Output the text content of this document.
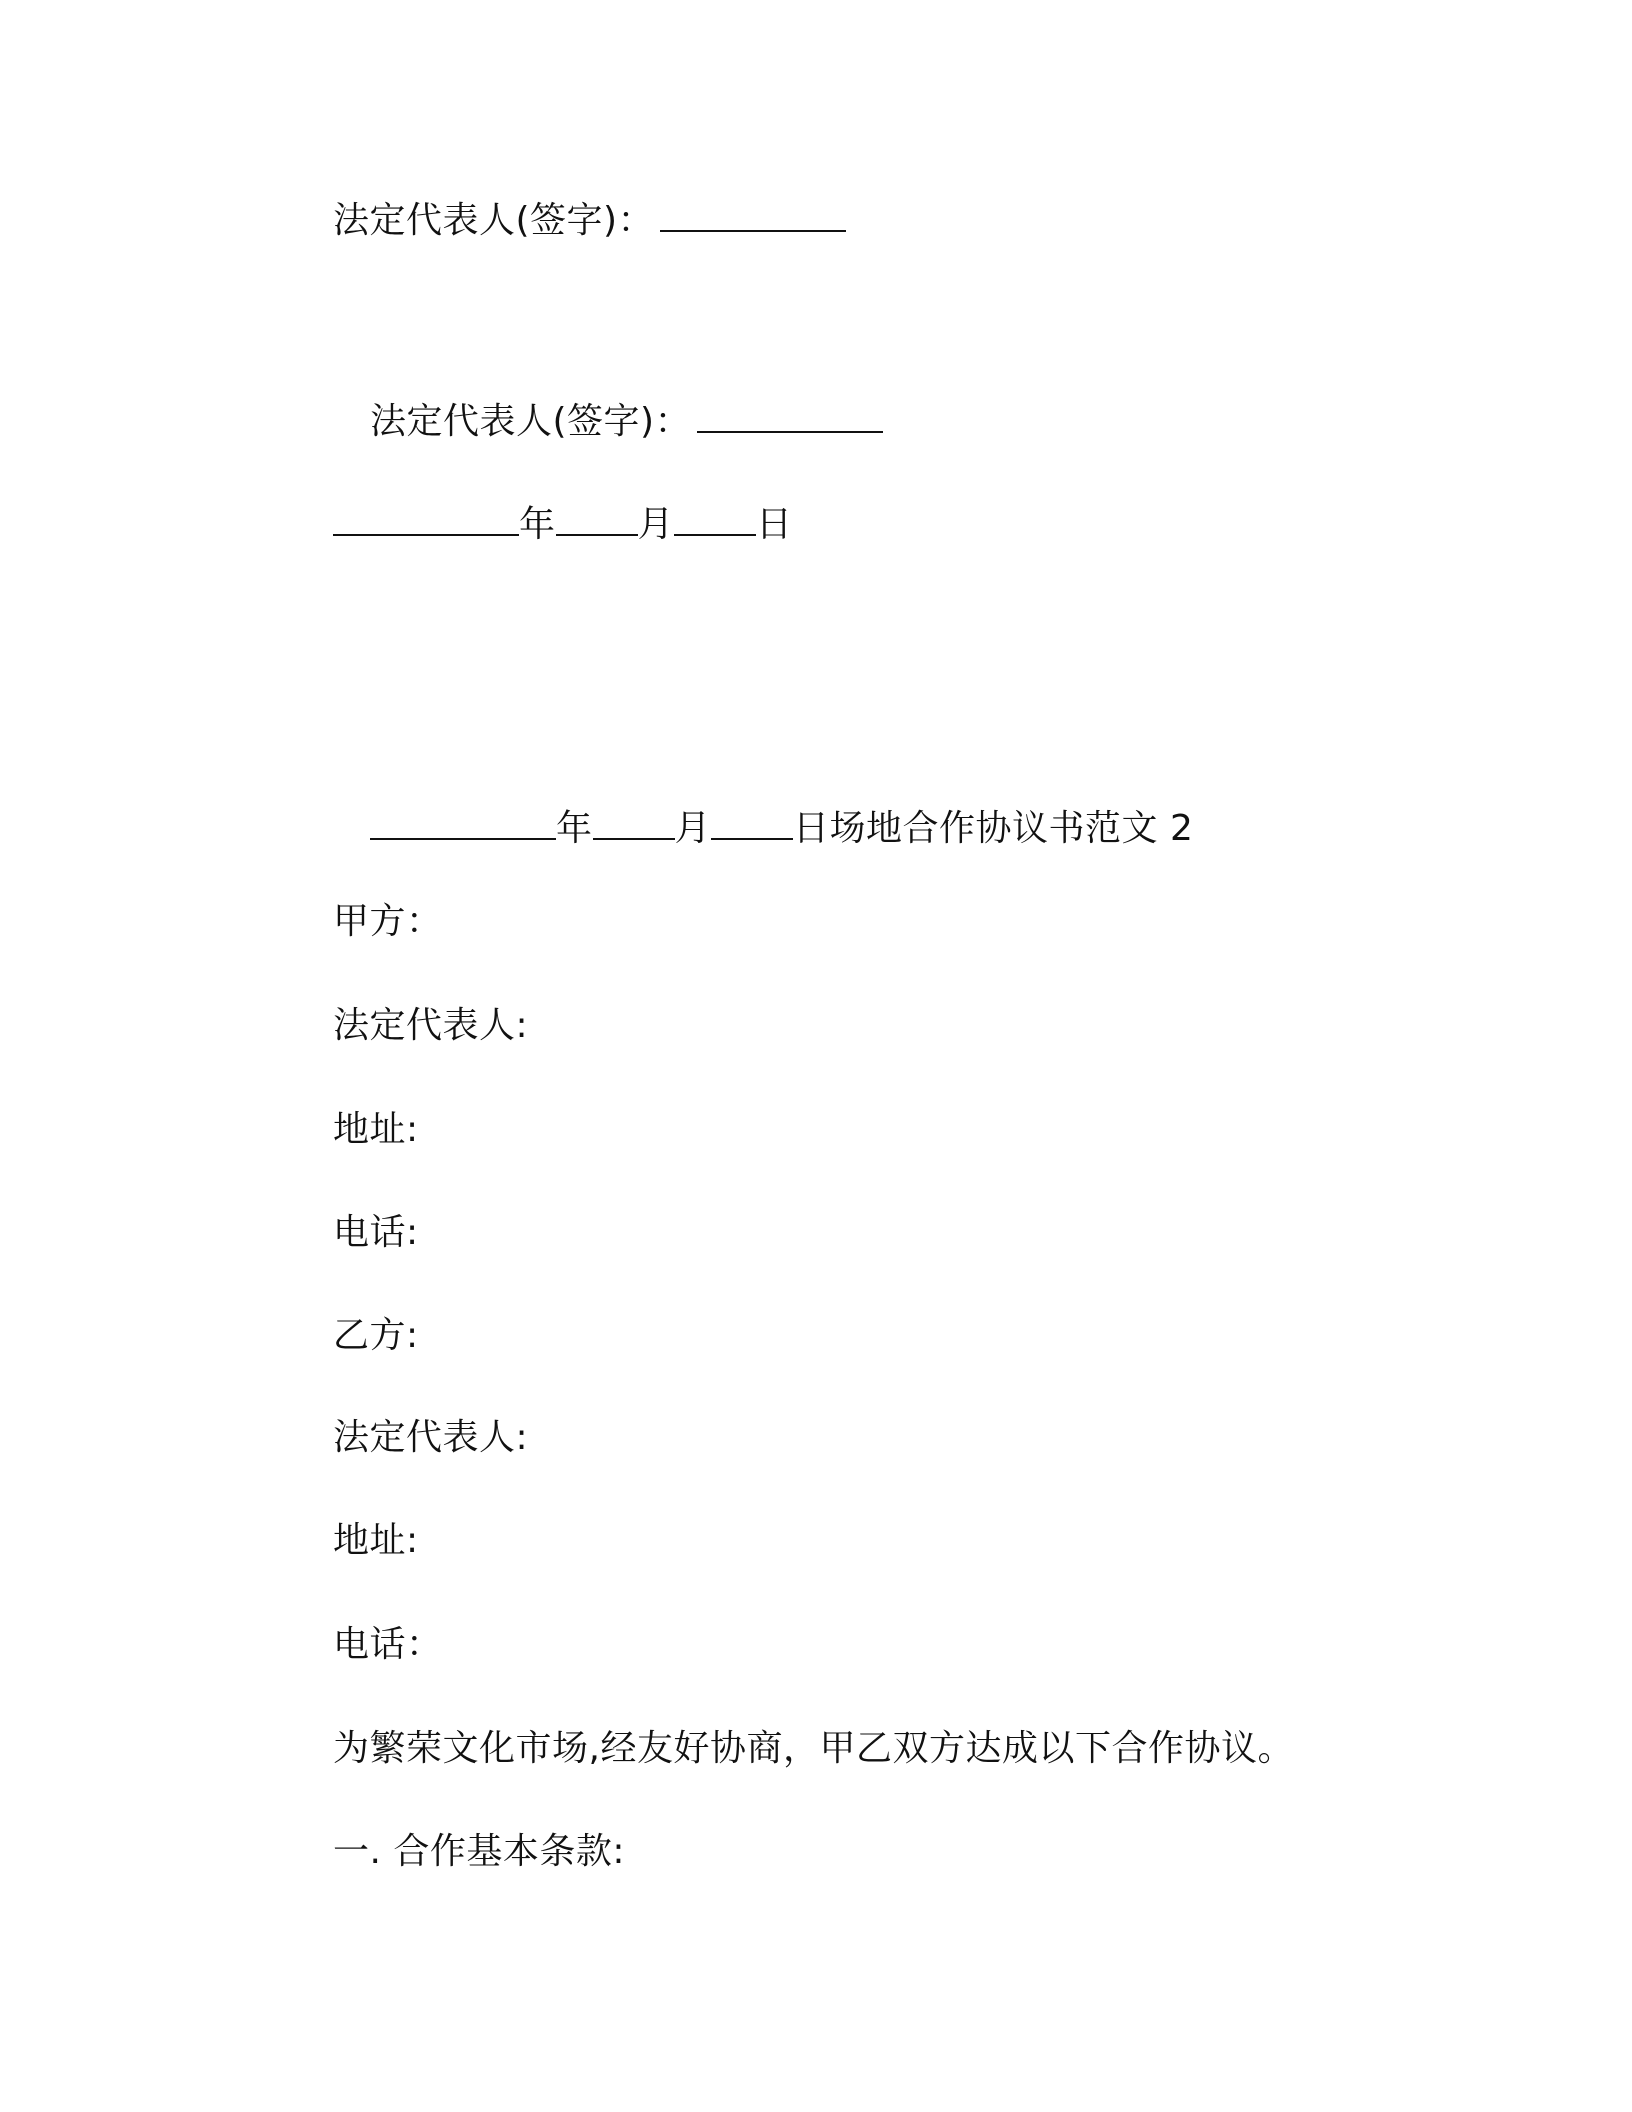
法定代表人(签字)：
法定代表人(签字)：
年 月 日
年 月 日场地合作协议书范文 2
甲方：
法定代表人:
地址:
电话:
乙方:
法定代表人:
地址:
电话：
为繁荣文化市场,经友好协商，甲乙双方达成以下合作协议。
一. 合作基本条款:
